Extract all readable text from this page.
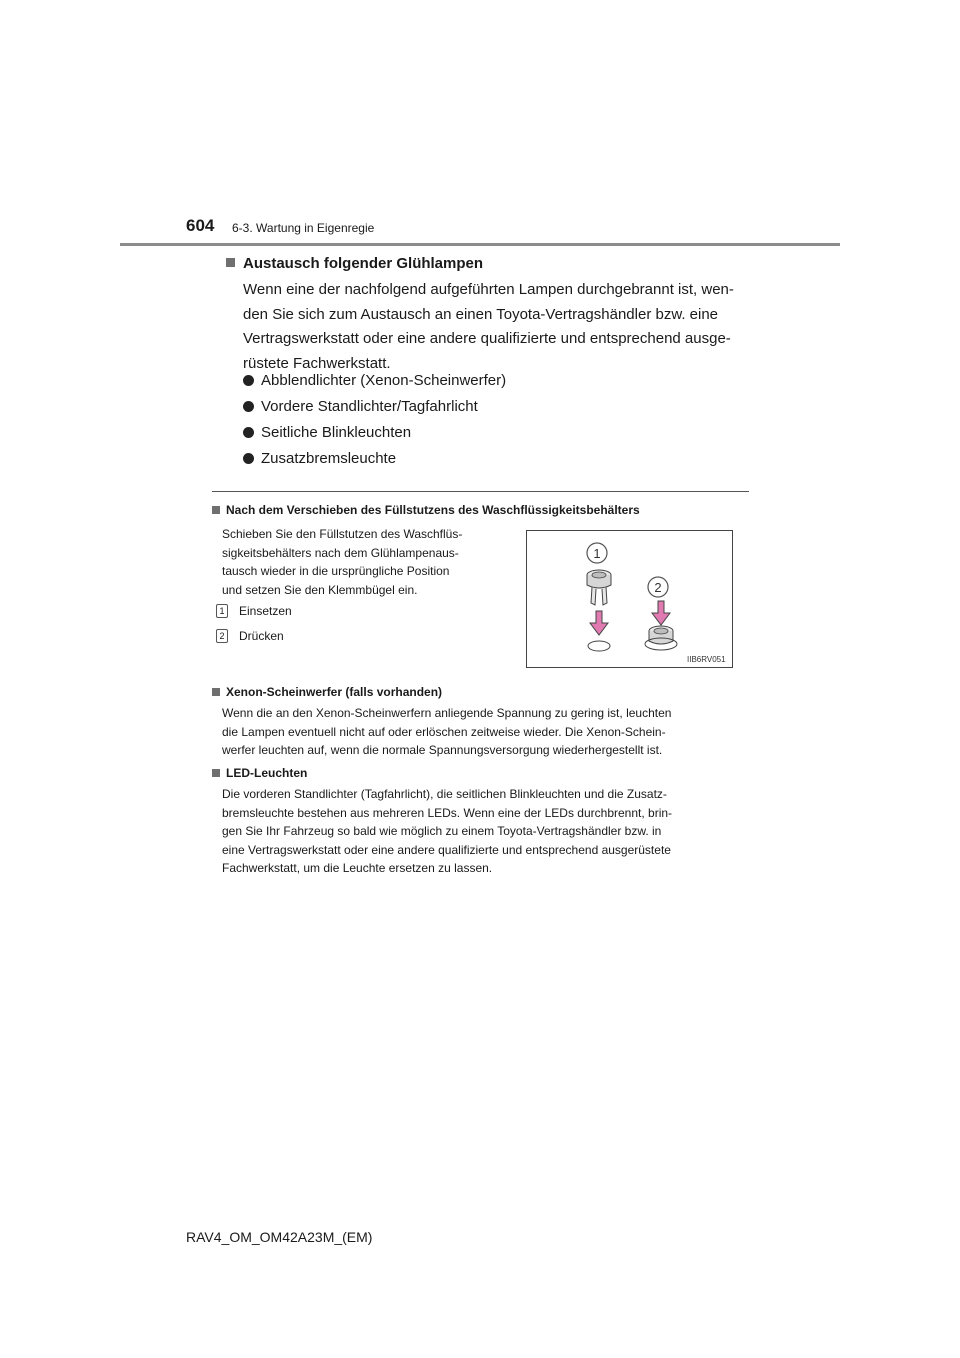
604 6-3. Wartung in Eigenregie
Austausch folgender Glühlampen
Wenn eine der nachfolgend aufgeführten Lampen durchgebrannt ist, wen-
den Sie sich zum Austausch an einen Toyota-Vertragshändler bzw. eine
Vertragswerkstatt oder eine andere qualifizierte und entsprechend ausge-
rüstete Fachwerkstatt.
Abblendlichter (Xenon-Scheinwerfer)
Vordere Standlichter/Tagfahrlicht
Seitliche Blinkleuchten
Zusatzbremsleuchte
Nach dem Verschieben des Füllstutzens des Waschflüssigkeitsbehälters
Schieben Sie den Füllstutzen des Waschflüs-
sigkeitsbehälters nach dem Glühlampenaus-
tausch wieder in die ursprüngliche Position
und setzen Sie den Klemmbügel ein.
1 Einsetzen
2 Drücken
1
2
IIB6RV051
Xenon-Scheinwerfer (falls vorhanden)
Wenn die an den Xenon-Scheinwerfern anliegende Spannung zu gering ist, leuchten
die Lampen eventuell nicht auf oder erlöschen zeitweise wieder. Die Xenon-Schein-
werfer leuchten auf, wenn die normale Spannungsversorgung wiederhergestellt ist.
LED-Leuchten
Die vorderen Standlichter (Tagfahrlicht), die seitlichen Blinkleuchten und die Zusatz-
bremsleuchte bestehen aus mehreren LEDs. Wenn eine der LEDs durchbrennt, brin-
gen Sie Ihr Fahrzeug so bald wie möglich zu einem Toyota-Vertragshändler bzw. in
eine Vertragswerkstatt oder eine andere qualifizierte und entsprechend ausgerüstete
Fachwerkstatt, um die Leuchte ersetzen zu lassen.
RAV4_OM_OM42A23M_(EM)
